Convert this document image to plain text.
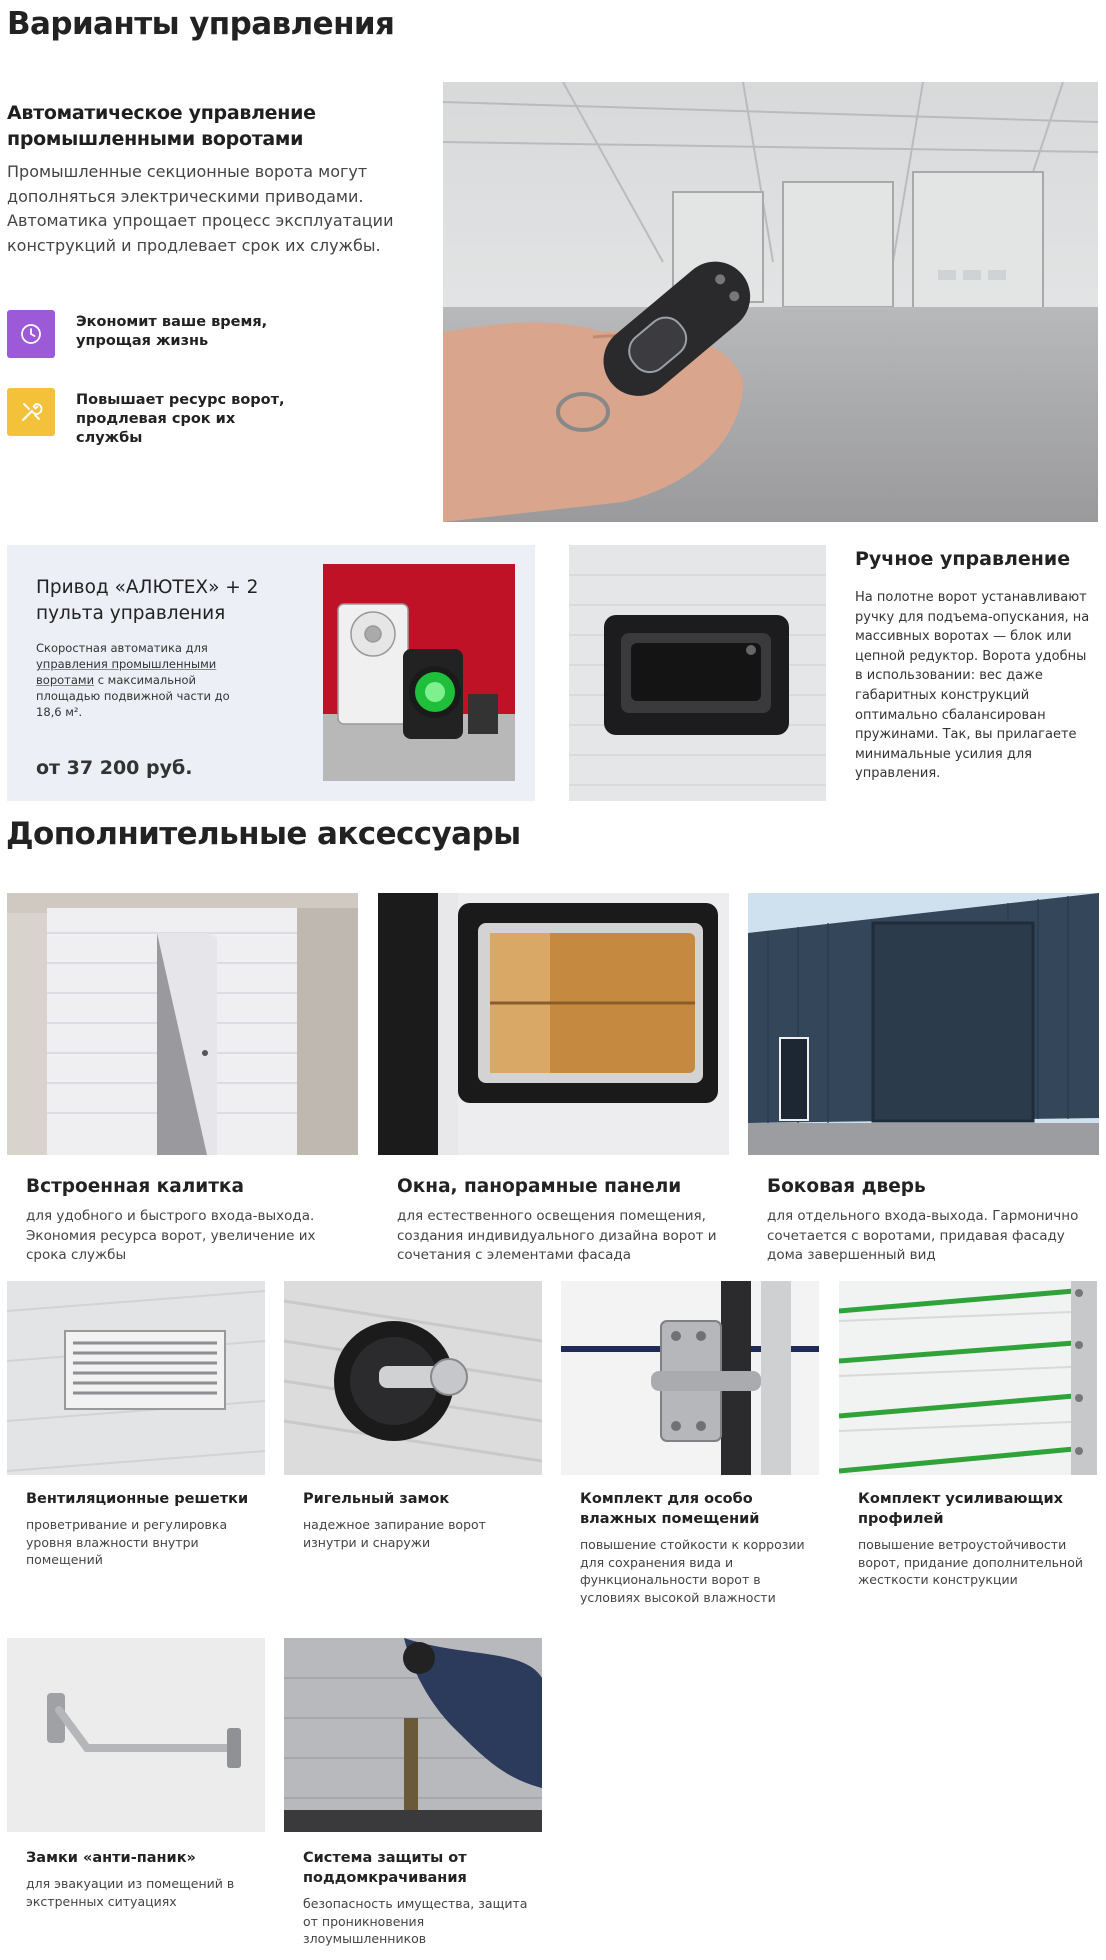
Варианты управления
Автоматическое управление промышленными воротами

Промышленные секционные ворота могут дополняться электрическими приводами. Автоматика упрощает процесс эксплуатации конструкций и продлевает срок их службы.

Экономит ваше время, упрощая жизнь
Повышает ресурс ворот, продлевая срок их службы
Привод «АЛЮТЕХ» + 2 пульта управления

Скоростная автоматика для управления промышленными воротами с максимальной площадью подвижной части до 18,6 м².

от 37 200 руб.
Ручное управление

На полотне ворот устанавливают ручку для подъема-опускания, на массивных воротах — блок или цепной редуктор. Ворота удобны в использовании: вес даже габаритных конструкций оптимально сбалансирован пружинами. Так, вы прилагаете минимальные усилия для управления.

Дополнительные аксессуары
Встроенная калитка

для удобного и быстрого входа-выхода. Экономия ресурса ворот, увеличение их срока службы

Окна, панорамные панели

для естественного освещения помещения, создания индивидуального дизайна ворот и сочетания с элементами фасада

Боковая дверь

для отдельного входа-выхода. Гармонично сочетается с воротами, придавая фасаду дома завершенный вид

Вентиляционные решетки

проветривание и регулировка уровня влажности внутри помещений

Ригельный замок

надежное запирание ворот изнутри и снаружи

Комплект для особо влажных помещений

повышение стойкости к коррозии для сохранения вида и функциональности ворот в условиях высокой влажности

Комплект усиливающих профилей

повышение ветроустойчивости ворот, придание дополнительной жесткости конструкции

Замки «анти-паник»

для эвакуации из помещений в экстренных ситуациях

Система защиты от поддомкрачивания

безопасность имущества, защита от проникновения злоумышленников
